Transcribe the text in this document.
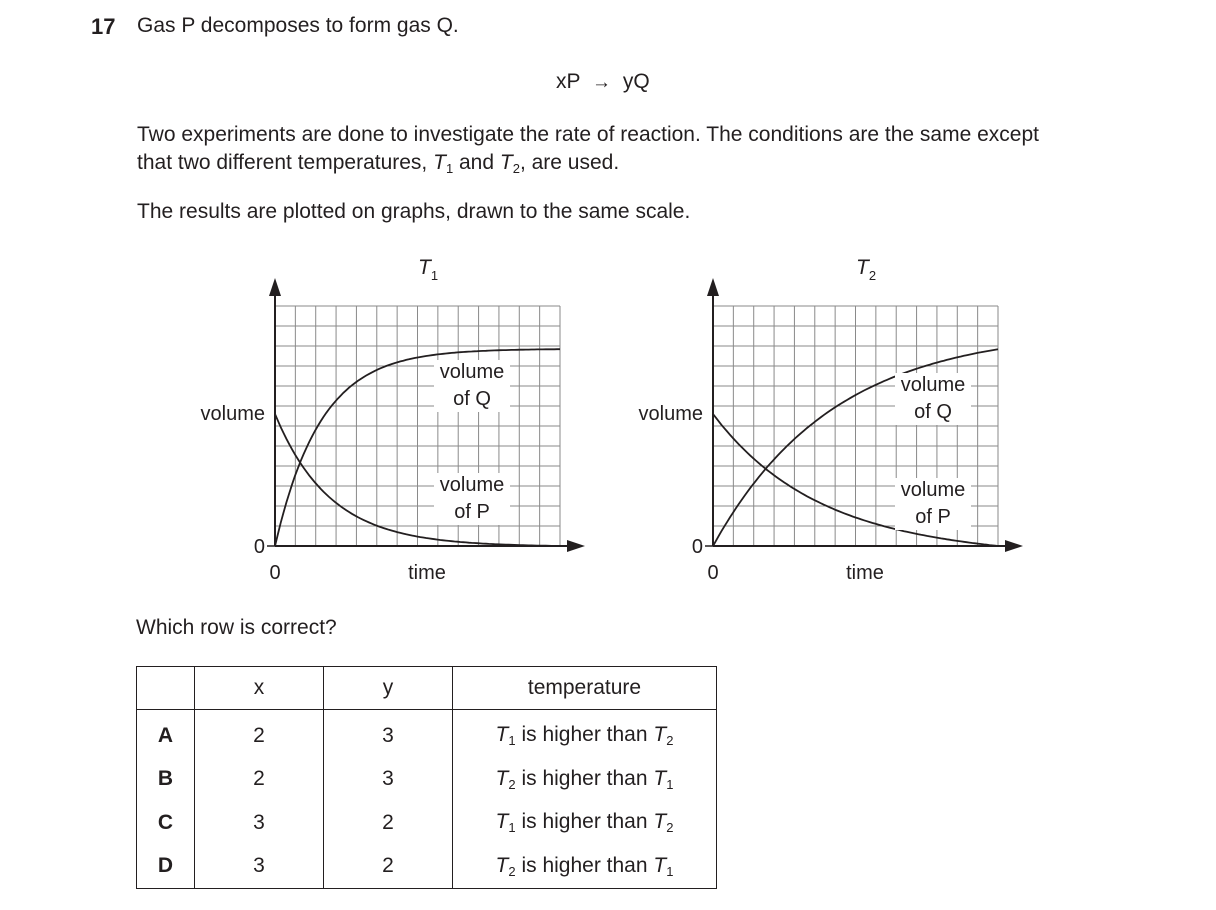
17 Gas P decomposes to form gas Q.
xP → yQ
Two experiments are done to investigate the rate of reaction. The conditions are the same except
that two different temperatures, $T_1$ and $T_2$, are used.
The results are plotted on graphs, drawn to the same scale.
volume
of Q
volume
of P
volume
0
0	time
$T_1$
volume
of Q
volume
of P
volume
0
0	time
$T_2$
Which row is correct?
	x	y	temperature
A	2	3	$T_1$ is higher than $T_2$
B	2	3	$T_2$ is higher than $T_1$
C	3	2	$T_1$ is higher than $T_2$
D	3	2	$T_2$ is higher than $T_1$
